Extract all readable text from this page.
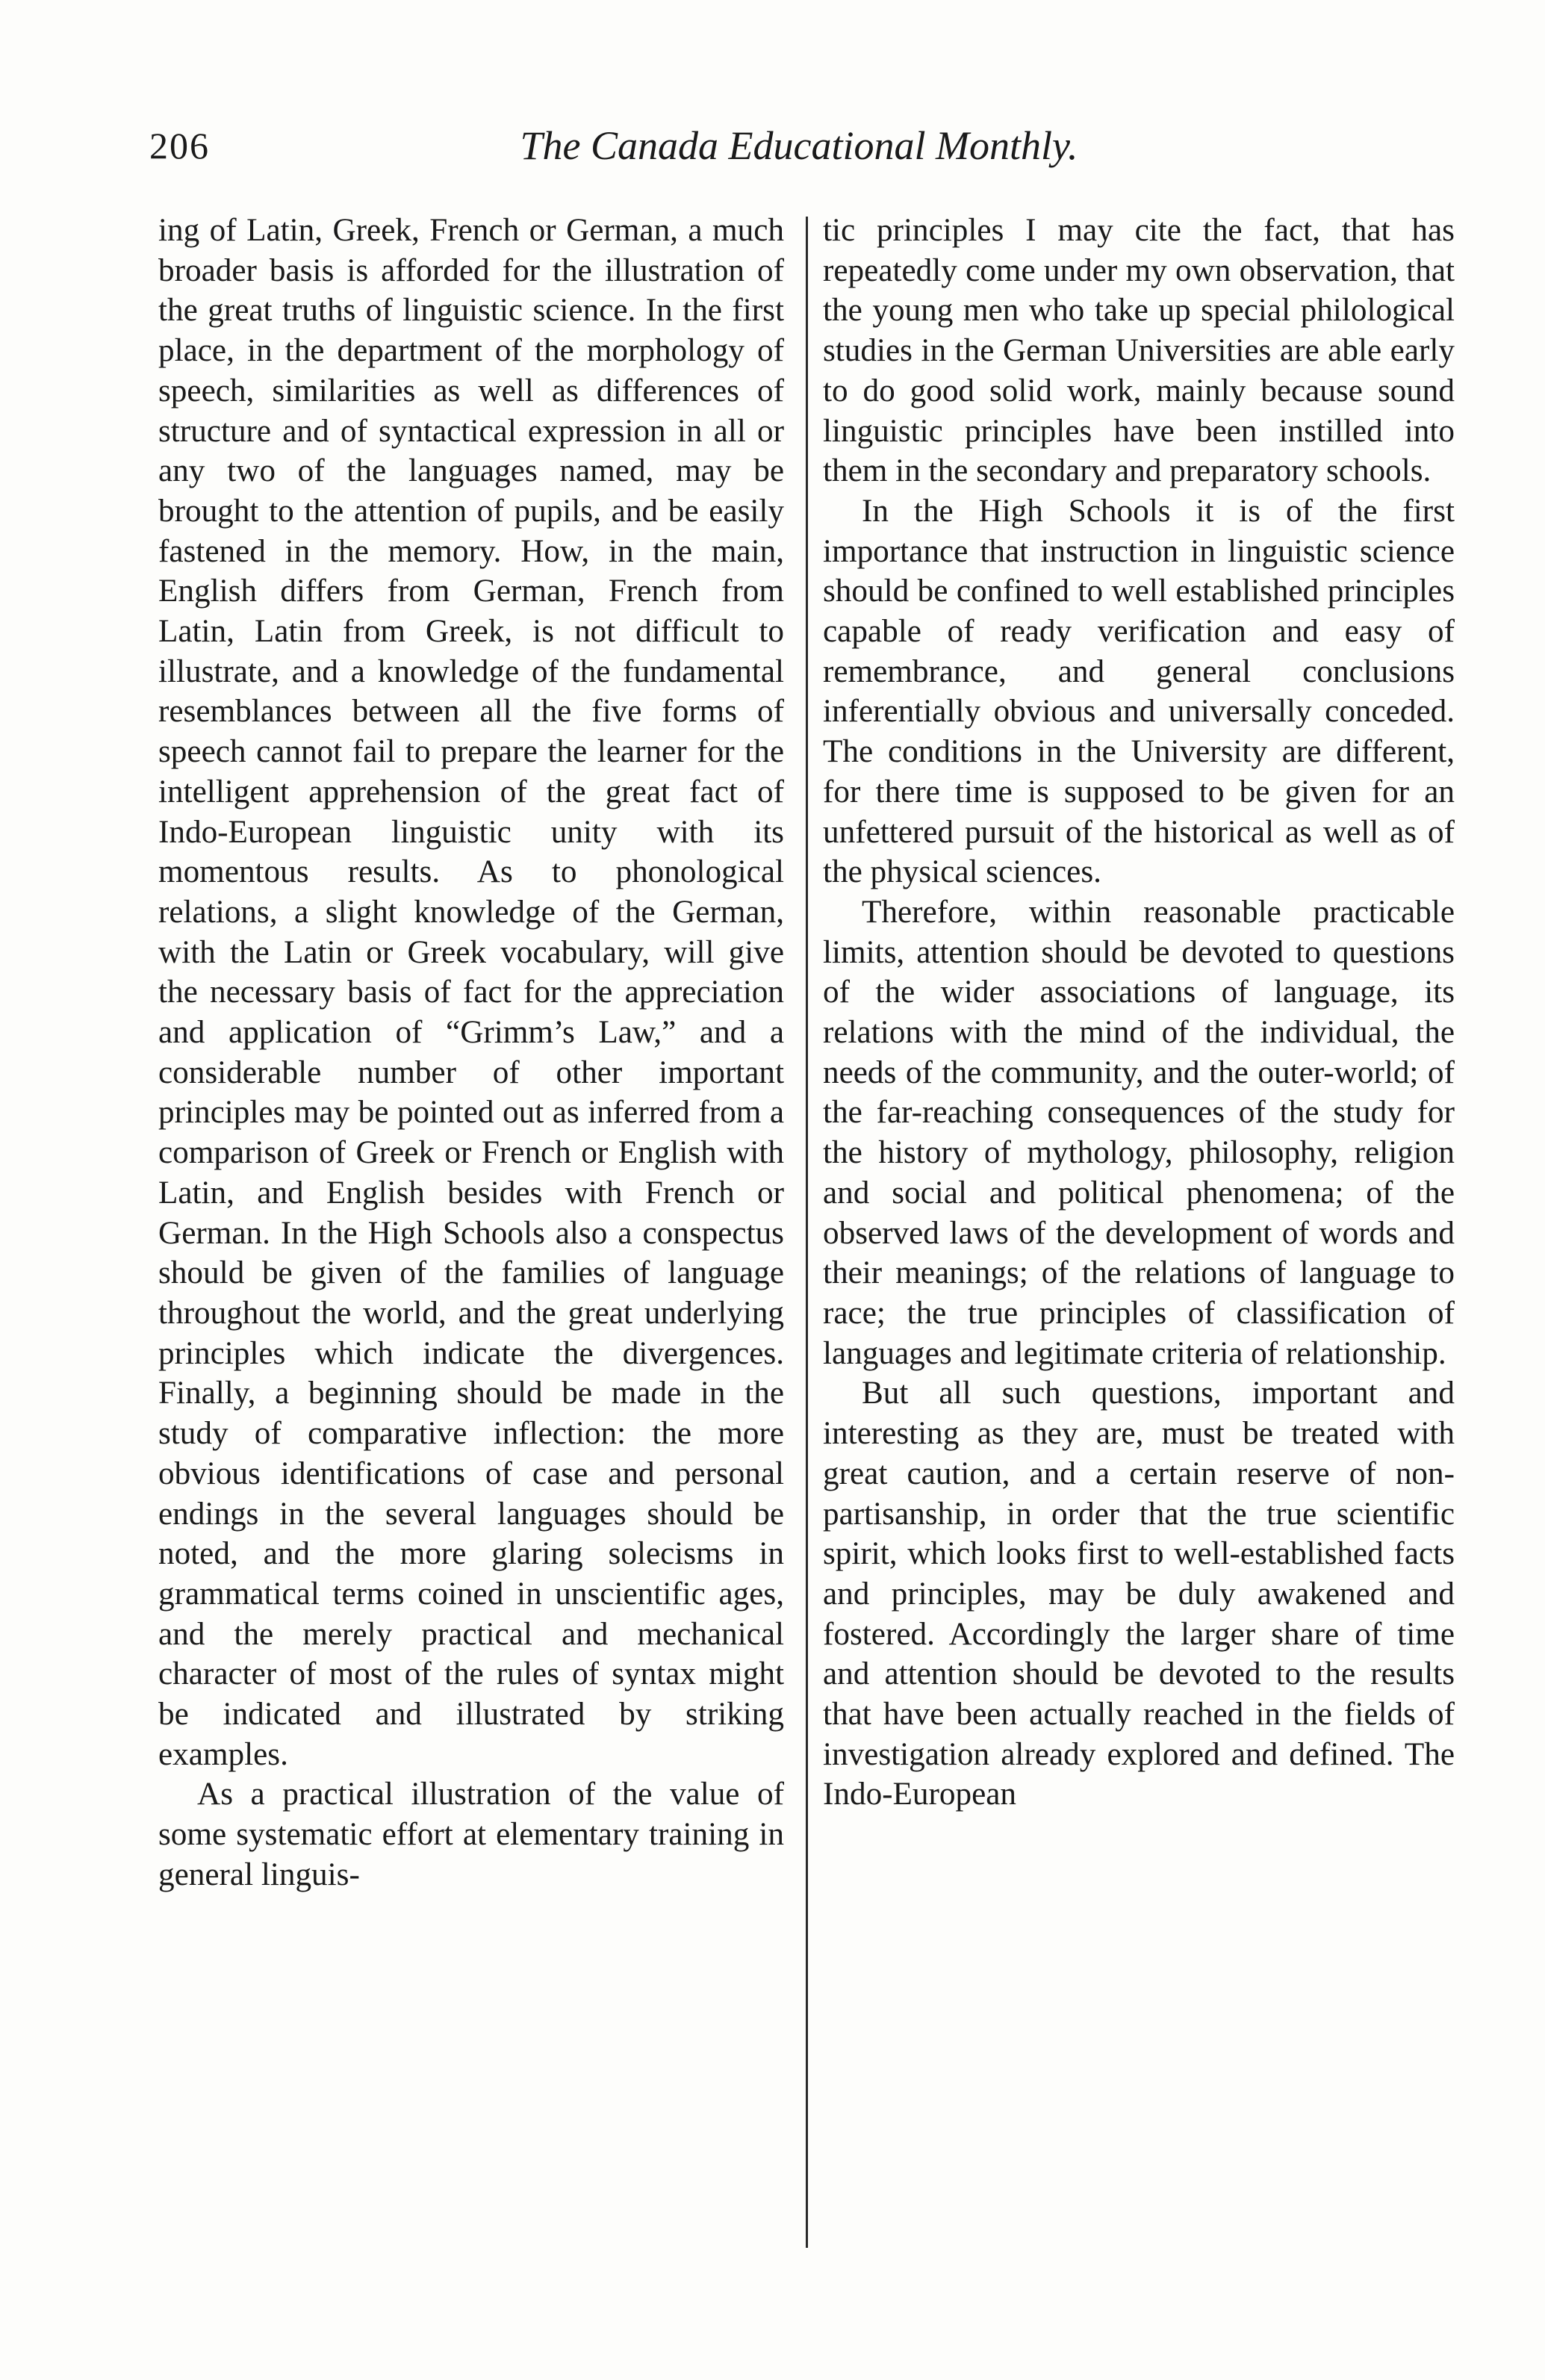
206	The Canada Educational Monthly.

ing of Latin, Greek, French or German, a much broader basis is afforded for the illustration of the great truths of linguistic science. In the first place, in the department of the morphology of speech, similarities as well as differences of structure and of syntactical expression in all or any two of the languages named, may be brought to the attention of pupils, and be easily fastened in the memory. How, in the main, English differs from German, French from Latin, Latin from Greek, is not difficult to illustrate, and a knowledge of the fundamental resemblances between all the five forms of speech cannot fail to prepare the learner for the intelligent apprehension of the great fact of Indo-European linguistic unity with its momentous results. As to phonological relations, a slight knowledge of the German, with the Latin or Greek vocabulary, will give the necessary basis of fact for the appreciation and application of “Grimm’s Law,” and a considerable number of other important principles may be pointed out as inferred from a comparison of Greek or French or English with Latin, and English besides with French or German. In the High Schools also a conspectus should be given of the families of language throughout the world, and the great underlying principles which indicate the divergences. Finally, a beginning should be made in the study of comparative inflection: the more obvious identifications of case and personal endings in the several languages should be noted, and the more glaring solecisms in grammatical terms coined in unscientific ages, and the merely practical and mechanical character of most of the rules of syntax might be indicated and illustrated by striking examples.

As a practical illustration of the value of some systematic effort at elementary training in general linguis-

tic principles I may cite the fact, that has repeatedly come under my own observation, that the young men who take up special philological studies in the German Universities are able early to do good solid work, mainly because sound linguistic principles have been instilled into them in the secondary and preparatory schools.

In the High Schools it is of the first importance that instruction in linguistic science should be confined to well established principles capable of ready verification and easy of remembrance, and general conclusions inferentially obvious and universally conceded. The conditions in the University are different, for there time is supposed to be given for an unfettered pursuit of the historical as well as of the physical sciences.

Therefore, within reasonable practicable limits, attention should be devoted to questions of the wider associations of language, its relations with the mind of the individual, the needs of the community, and the outer-world; of the far-reaching consequences of the study for the history of mythology, philosophy, religion and social and political phenomena; of the observed laws of the development of words and their meanings; of the relations of language to race; the true principles of classification of languages and legitimate criteria of relationship.

But all such questions, important and interesting as they are, must be treated with great caution, and a certain reserve of non-partisanship, in order that the true scientific spirit, which looks first to well-established facts and principles, may be duly awakened and fostered. Accordingly the larger share of time and attention should be devoted to the results that have been actually reached in the fields of investigation already explored and defined. The Indo-European
